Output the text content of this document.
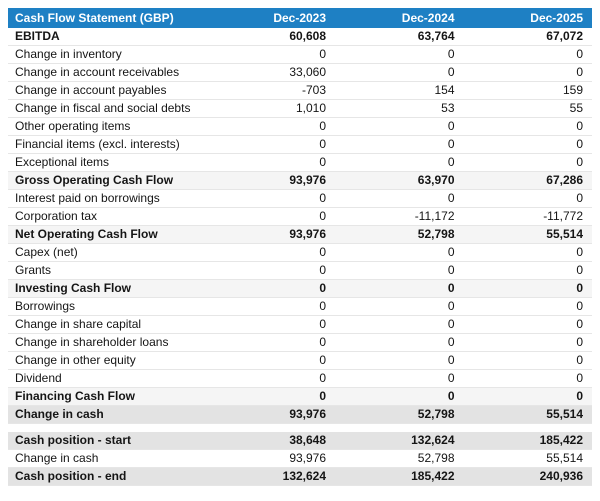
Cash Flow Statement (GBP)	Dec-2023	Dec-2024	Dec-2025
EBITDA	60,608	63,764	67,072
Change in inventory	0	0	0
Change in account receivables	33,060	0	0
Change in account payables	-703	154	159
Change in fiscal and social debts	1,010	53	55
Other operating items	0	0	0
Financial items (excl. interests)	0	0	0
Exceptional items	0	0	0
Gross Operating Cash Flow	93,976	63,970	67,286
Interest paid on borrowings	0	0	0
Corporation tax	0	-11,172	-11,772
Net Operating Cash Flow	93,976	52,798	55,514
Capex (net)	0	0	0
Grants	0	0	0
Investing Cash Flow	0	0	0
Borrowings	0	0	0
Change in share capital	0	0	0
Change in shareholder loans	0	0	0
Change in other equity	0	0	0
Dividend	0	0	0
Financing Cash Flow	0	0	0
Change in cash	93,976	52,798	55,514

Cash position - start	38,648	132,624	185,422
Change in cash	93,976	52,798	55,514
Cash position - end	132,624	185,422	240,936
